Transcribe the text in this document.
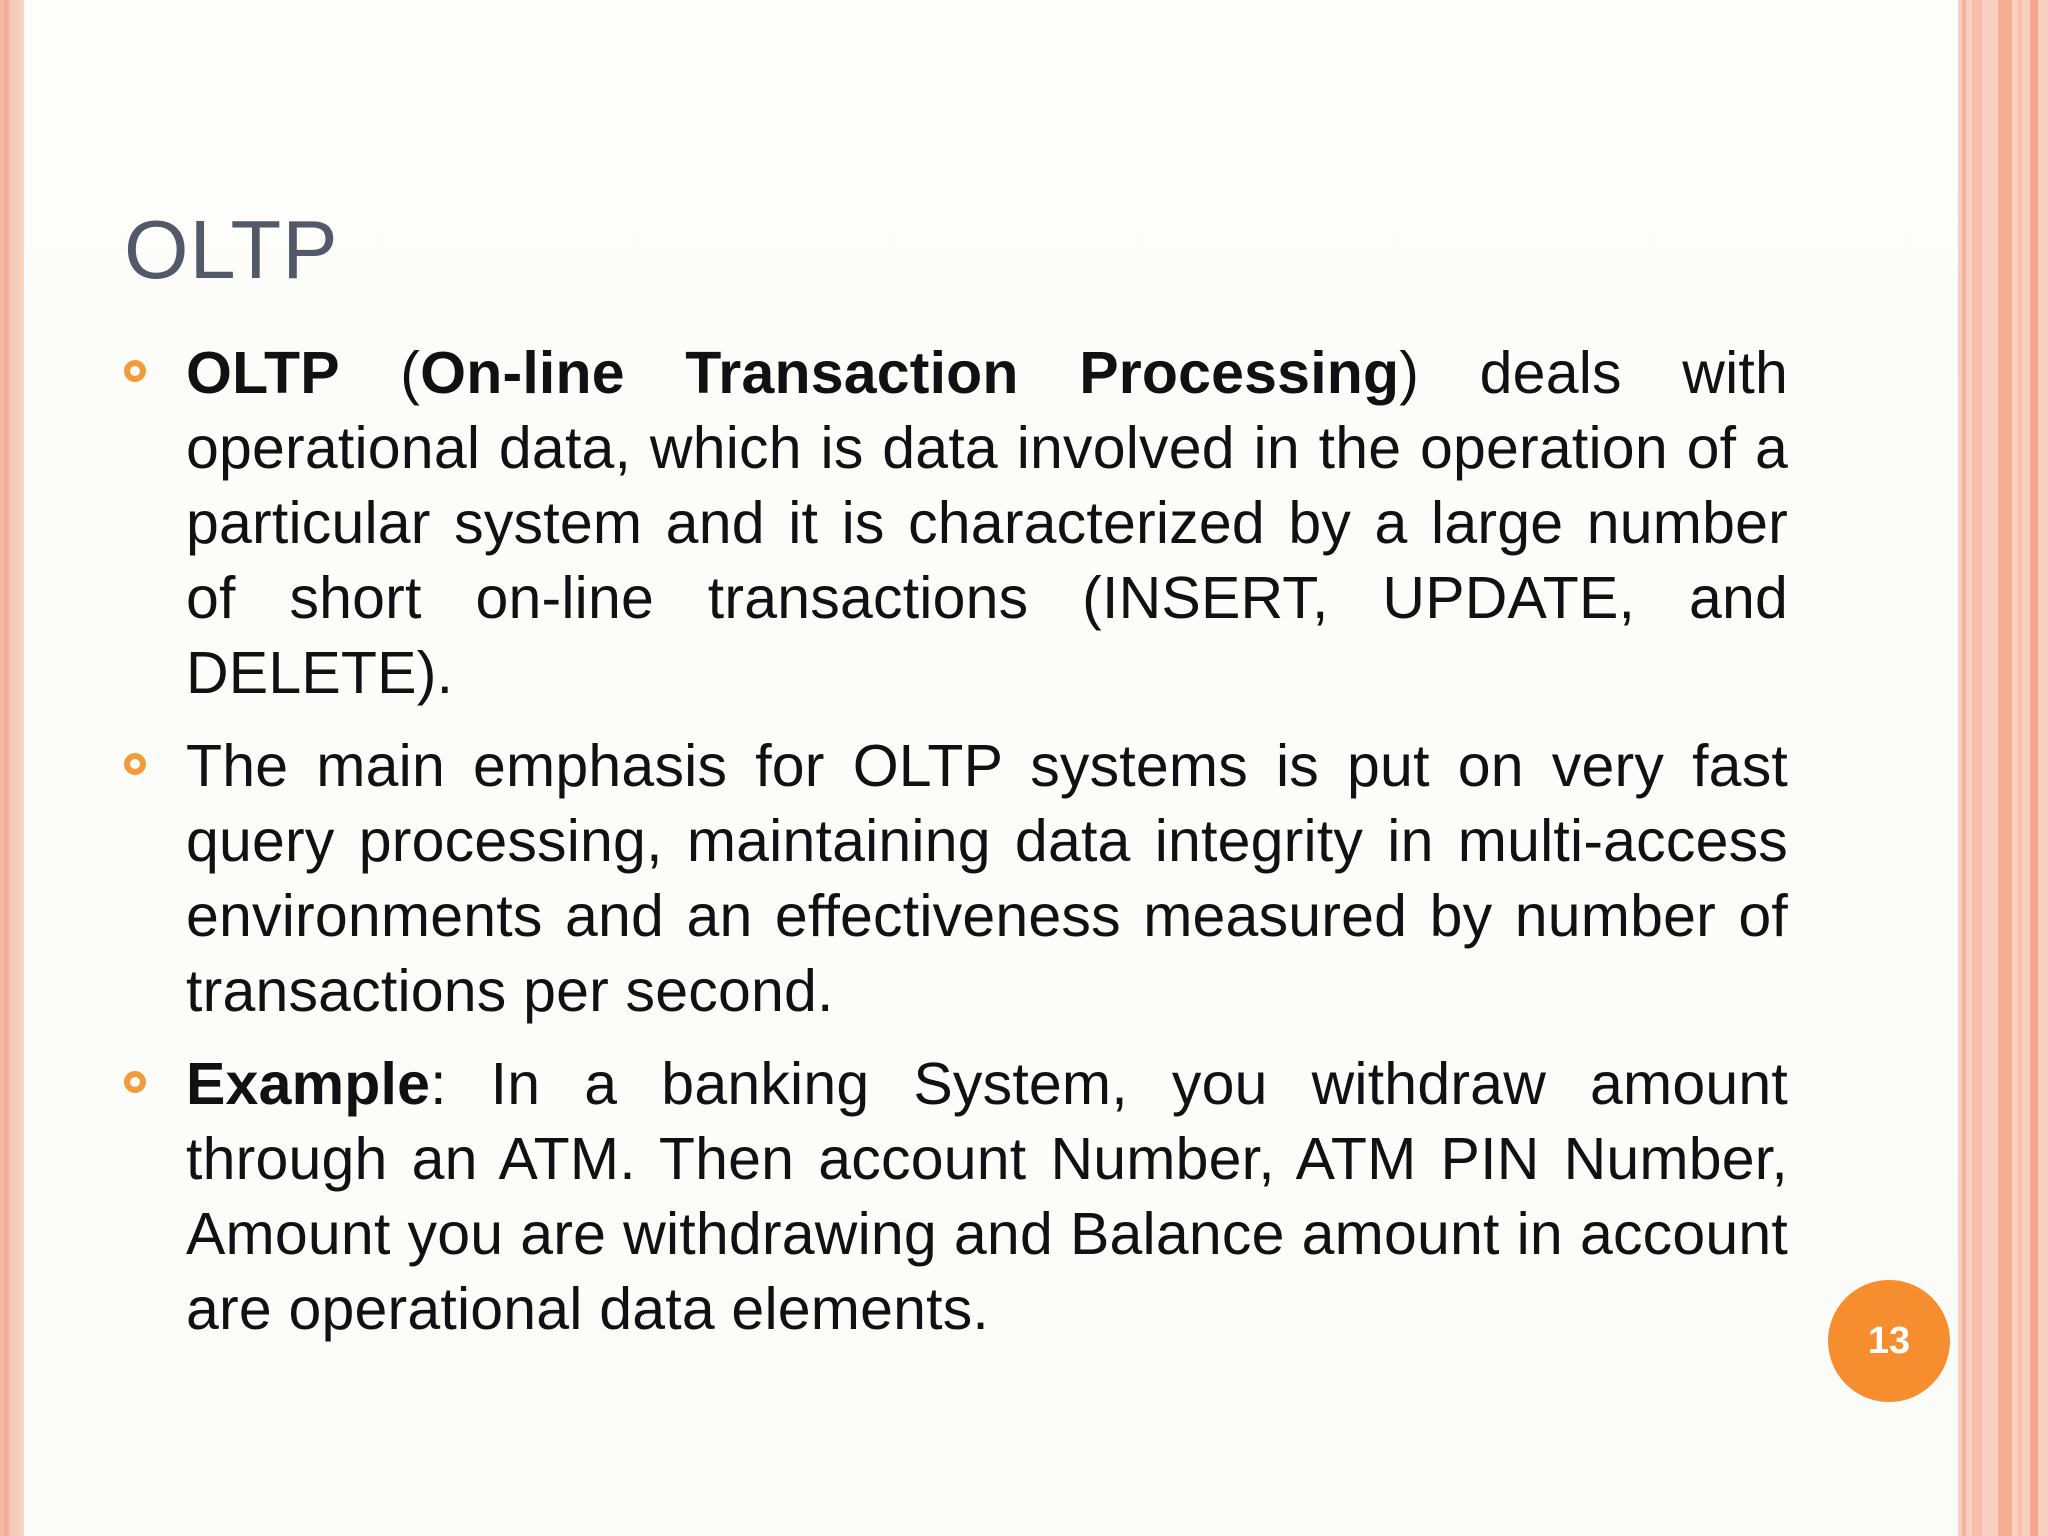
OLTP
OLTP (On-line Transaction Processing) deals with operational data, which is data involved in the operation of a particular system and it is characterized by a large number of short on-line transactions (INSERT, UPDATE, and DELETE).
The main emphasis for OLTP systems is put on very fast query processing, maintaining data integrity in multi-access environments and an effectiveness measured by number of transactions per second.
Example: In a banking System, you withdraw amount through an ATM. Then account Number, ATM PIN Number, Amount you are withdrawing and Balance amount in account are operational data elements.	13
